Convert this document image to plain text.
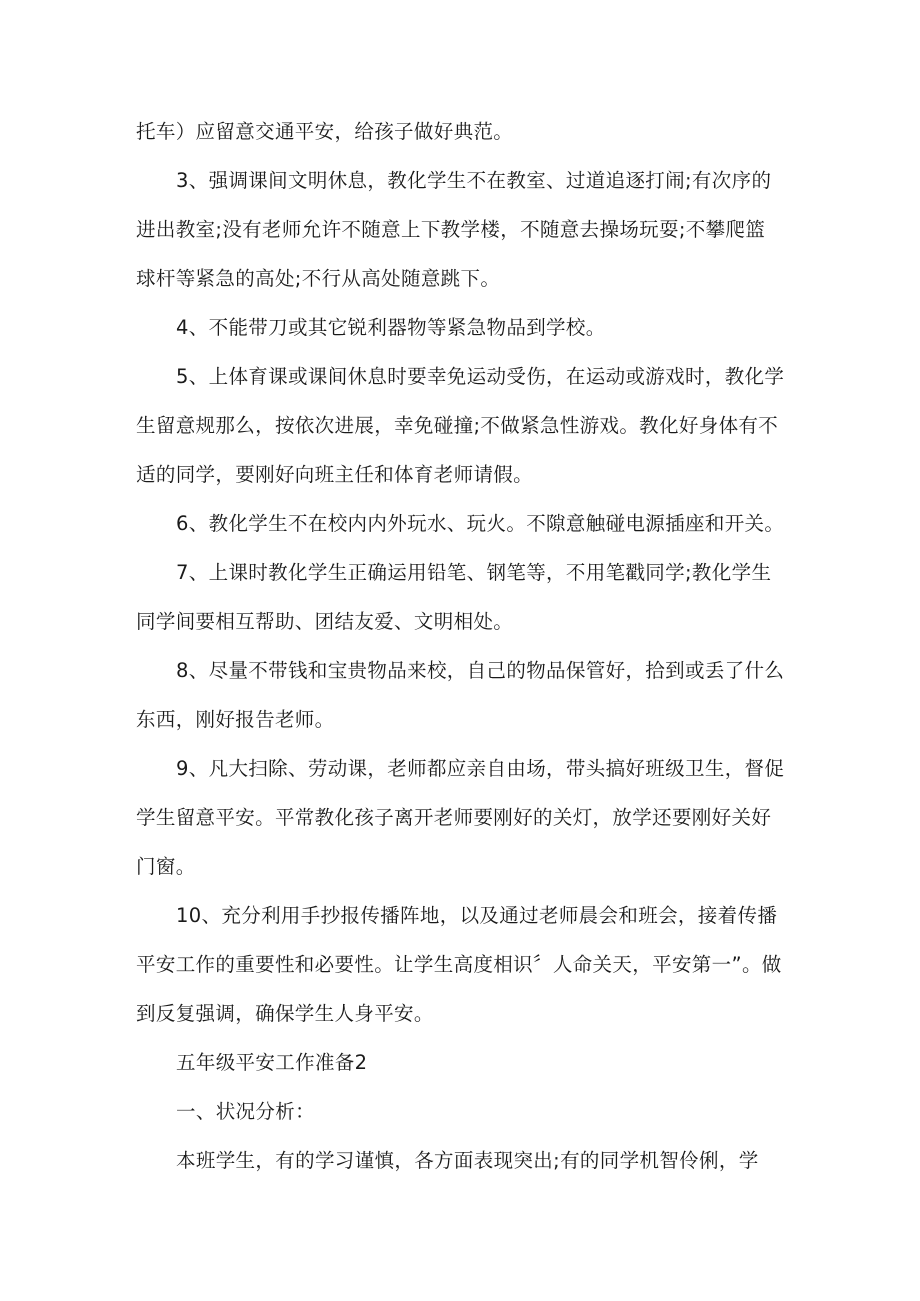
托车）应留意交通平安，给孩子做好典范。
3、强调课间文明休息，教化学生不在教室、过道追逐打闹;有次序的
进出教室;没有老师允许不随意上下教学楼，不随意去操场玩耍;不攀爬篮
球杆等紧急的高处;不行从高处随意跳下。
4、不能带刀或其它锐利器物等紧急物品到学校。
5、上体育课或课间休息时要幸免运动受伤，在运动或游戏时，教化学
生留意规那么，按依次进展，幸免碰撞;不做紧急性游戏。教化好身体有不
适的同学，要刚好向班主任和体育老师请假。
6、教化学生不在校内内外玩水、玩火。不隙意触碰电源插座和开关。
7、上课时教化学生正确运用铅笔、钢笔等，不用笔戳同学;教化学生
同学间要相互帮助、团结友爱、文明相处。
8、尽量不带钱和宝贵物品来校，自己的物品保管好，拾到或丢了什么
东西，刚好报告老师。
9、凡大扫除、劳动课，老师都应亲自由场，带头搞好班级卫生，督促
学生留意平安。平常教化孩子离开老师要刚好的关灯，放学还要刚好关好
门窗。
10、充分利用手抄报传播阵地，以及通过老师晨会和班会，接着传播
平安工作的重要性和必要性。让学生高度相识〞人命关天，平安第一”。做
到反复强调，确保学生人身平安。
五年级平安工作准备2
一、状况分析：
本班学生，有的学习谨慎，各方面表现突出;有的同学机智伶俐，学
